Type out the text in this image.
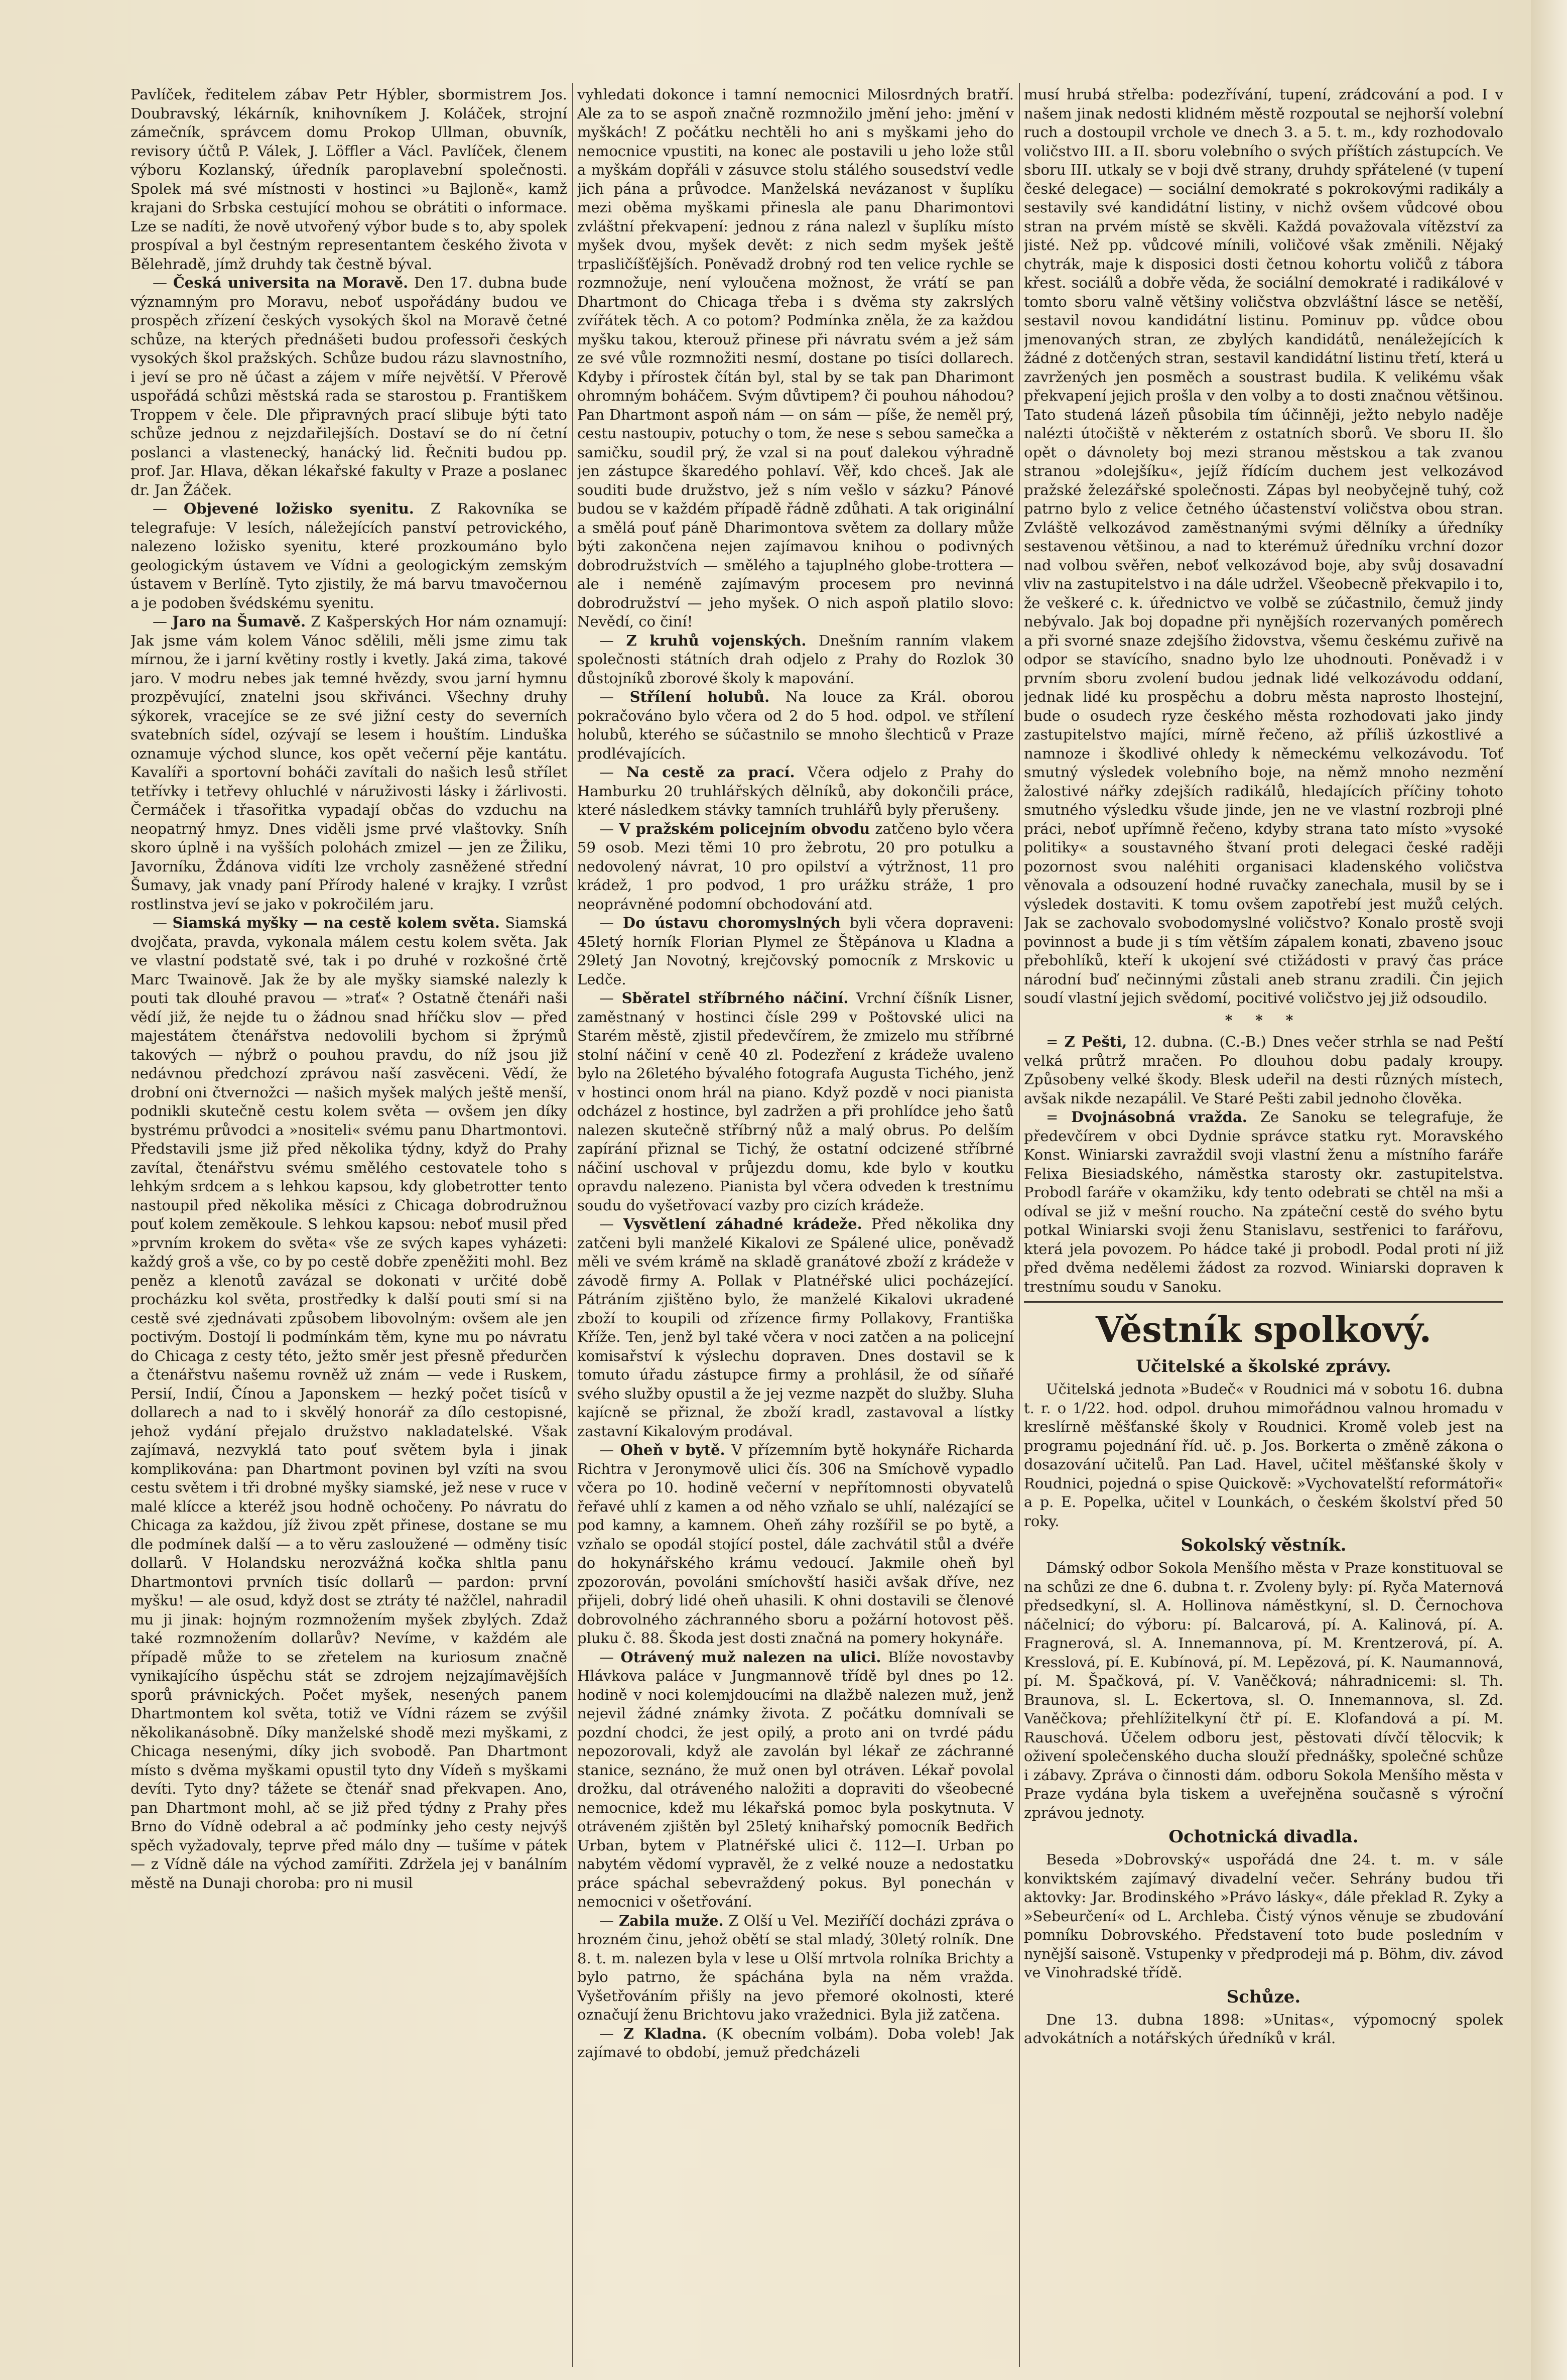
Pavlíček, ředitelem zábav Petr Hýbler, sbormistrem Jos. Doubravský, lékárník, knihovníkem J. Koláček, strojní zámečník, správcem domu Prokop Ullman, obuvník, revisory účtů P. Válek, J. Löffler a Václ. Pavlíček, členem výboru Kozlanský, úředník paroplavební společnosti. Spolek má své místnosti v hostinci »u Bajloně«, kamž krajani do Srbska cestující mohou se obrátiti o informace. Lze se nadíti, že nově utvořený výbor bude s to, aby spolek prospíval a byl čestným representantem českého života v Bělehradě, jímž druhdy tak čestně býval.

— Česká universita na Moravě. Den 17. dubna bude významným pro Moravu, neboť uspořádány budou ve prospěch zřízení českých vysokých škol na Moravě četné schůze, na kterých přednášeti budou professoři českých vysokých škol pražských. Schůze budou rázu slavnostního, i jeví se pro ně účast a zájem v míře největší. V Přerově uspořádá schůzi městská rada se starostou p. Františkem Troppem v čele. Dle připravných prací slibuje býti tato schůze jednou z nejzdařilejších. Dostaví se do ní četní poslanci a vlastenecký, hanácký lid. Řečniti budou pp. prof. Jar. Hlava, děkan lékařské fakulty v Praze a poslanec dr. Jan Žáček.

— Objevené ložisko syenitu. Z Rakovníka se telegrafuje: V lesích, náležejících panství petrovického, nalezeno ložisko syenitu, které prozkoumáno bylo geologickým ústavem ve Vídni a geologickým zemským ústavem v Berlíně. Tyto zjistily, že má barvu tmavočernou a je podoben švédskému syenitu.

— Jaro na Šumavě. Z Kašperských Hor nám oznamují: Jak jsme vám kolem Vánoc sdělili, měli jsme zimu tak mírnou, že i jarní květiny rostly i kvetly. Jaká zima, takové jaro. V modru nebes jak temné hvězdy, svou jarní hymnu prozpěvující, znatelni jsou skřivánci. Všechny druhy sýkorek, vracejíce se ze své jižní cesty do severních svatebních sídel, ozývají se lesem i houštím. Linduška oznamuje východ slunce, kos opět večerní pěje kantátu. Kavalíři a sportovní boháči zavítali do našich lesů střílet tetřívky i tetřevy ohluchlé v náruživosti lásky i žárlivosti. Čermáček i třasořitka vypadají občas do vzduchu na neopatrný hmyz. Dnes viděli jsme prvé vlaštovky. Sníh skoro úplně i na vyšších polohách zmizel — jen ze Žiliku, Javorníku, Ždánova vidíti lze vrcholy zasněžené střední Šumavy, jak vnady paní Přírody halené v krajky. I vzrůst rostlinstva jeví se jako v pokročilém jaru.

— Siamská myšky — na cestě kolem světa. Siamská dvojčata, pravda, vykonala málem cestu kolem světa. Jak ve vlastní podstatě své, tak i po druhé v rozkošné črtě Marc Twainově. Jak že by ale myšky siamské nalezly k pouti tak dlouhé pravou — »trať« ? Ostatně čtenáři naši vědí již, že nejde tu o žádnou snad hříčku slov — před majestátem čtenářstva nedovolili bychom si žprýmů takových — nýbrž o pouhou pravdu, do níž jsou již nedávnou předchozí zprávou naší zasvěceni. Vědí, že drobní oni čtvernožci — našich myšek malých ještě menší, podnikli skutečně cestu kolem světa — ovšem jen díky bystrému průvodci a »nositeli« svému panu Dhartmontovi. Představili jsme již před několika týdny, když do Prahy zavítal, čtenářstvu svému smělého cestovatele toho s lehkým srdcem a s lehkou kapsou, kdy globetrotter tento nastoupil před několika měsíci z Chicaga dobrodružnou pouť kolem zeměkoule. S lehkou kapsou: neboť musil před »prvním krokem do světa« vše ze svých kapes vyházeti: každý groš a vše, co by po cestě dobře zpeněžiti mohl. Bez peněz a klenotů zavázal se dokonati v určité době procházku kol světa, prostředky k další pouti smí si na cestě své zjednávati způsobem libovolným: ovšem ale jen poctivým. Dostojí li podmínkám těm, kyne mu po návratu do Chicaga z cesty této, ježto směr jest přesně předurčen a čtenářstvu našemu rovněž už znám — vede i Ruskem, Persií, Indií, Čínou a Japonskem — hezký počet tisíců v dollarech a nad to i skvělý honorář za dílo cestopisné, jehož vydání přejalo družstvo nakladatelské. Však zajímavá, nezvyklá tato pouť světem byla i jinak komplikována: pan Dhartmont povinen byl vzíti na svou cestu světem i tři drobné myšky siamské, jež nese v ruce v malé klícce a kteréž jsou hodně ochočeny. Po návratu do Chicaga za každou, jíž živou zpět přinese, dostane se mu dle podmínek další — a to věru zasloužené — odměny tisíc dollarů. V Holandsku nerozvážná kočka shltla panu Dhartmontovi prvních tisíc dollarů — pardon: první myšku! — ale osud, když dost se ztráty té nažčlel, nahradil mu ji jinak: hojným rozmnožením myšek zbylých. Zdaž také rozmnožením dollarův? Nevíme, v každém ale případě může to se zřetelem na kuriosum značně vynikajícího úspěchu stát se zdrojem nejzajímavějších sporů právnických. Počet myšek, nesených panem Dhartmontem kol světa, totiž ve Vídni rázem se zvýšil několikanásobně. Díky manželské shodě mezi myškami, z Chicaga nesenými, díky jich svobodě. Pan Dhartmont místo s dvěma myškami opustil tyto dny Vídeň s myškami devíti. Tyto dny? tážete se čtenář snad překvapen. Ano, pan Dhartmont mohl, ač se již před týdny z Prahy přes Brno do Vídně odebral a ač podmínky jeho cesty nejvýš spěch vyžadovaly, teprve před málo dny — tušíme v pátek — z Vídně dále na východ zamířiti. Zdržela jej v banálním městě na Dunaji choroba: pro ni musil

vyhledati dokonce i tamní nemocnici Milosrdných bratří. Ale za to se aspoň značně rozmnožilo jmění jeho: jmění v myškách! Z počátku nechtěli ho ani s myškami jeho do nemocnice vpustiti, na konec ale postavili u jeho lože stůl a myškám dopřáli v zásuvce stolu stálého sousedství vedle jich pána a průvodce. Manželská nevázanost v šuplíku mezi oběma myškami přinesla ale panu Dharimontovi zvláštní překvapení: jednou z rána nalezl v šuplíku místo myšek dvou, myšek devět: z nich sedm myšek ještě trpasličíšťějších. Poněvadž drobný rod ten velice rychle se rozmnožuje, není vyloučena možnost, že vrátí se pan Dhartmont do Chicaga třeba i s dvěma sty zakrslých zvířátek těch. A co potom? Podmínka zněla, že za každou myšku takou, kterouž přinese při návratu svém a jež sám ze své vůle rozmnožiti nesmí, dostane po tisíci dollarech. Kdyby i přírostek čítán byl, stal by se tak pan Dharimont ohromným boháčem. Svým důvtipem? či pouhou náhodou? Pan Dhartmont aspoň nám — on sám — píše, že neměl prý, cestu nastoupiv, potuchy o tom, že nese s sebou samečka a samičku, soudil prý, že vzal si na pouť dalekou výhradně jen zástupce škaredého pohlaví. Věř, kdo chceš. Jak ale souditi bude družstvo, jež s ním vešlo v sázku? Pánové budou se v každém případě řádně zdůhati. A tak originální a smělá pouť páně Dharimontova světem za dollary může býti zakončena nejen zajímavou knihou o podivných dobrodružstvích — smělého a tajuplného globe-trottera — ale i neméně zajímavým procesem pro nevinná dobrodružství — jeho myšek. O nich aspoň platilo slovo: Nevědí, co činí!

— Z kruhů vojenských. Dnešním ranním vlakem společnosti státních drah odjelo z Prahy do Rozlok 30 důstojníků zborové školy k mapování.

— Střílení holubů. Na louce za Král. oborou pokračováno bylo včera od 2 do 5 hod. odpol. ve střílení holubů, kterého se súčastnilo se mnoho šlechticů v Praze prodlévajících.

— Na cestě za prací. Včera odjelo z Prahy do Hamburku 20 truhlářských dělníků, aby dokončili práce, které následkem stávky tamních truhlářů byly přerušeny.

— V pražském policejním obvodu zatčeno bylo včera 59 osob. Mezi těmi 10 pro žebrotu, 20 pro potulku a nedovolený návrat, 10 pro opilství a výtržnost, 11 pro krádež, 1 pro podvod, 1 pro urážku stráže, 1 pro neoprávněné podomní obchodování atd.

— Do ústavu choromyslných byli včera dopraveni: 45letý horník Florian Plymel ze Štěpánova u Kladna a 29letý Jan Novotný, krejčovský pomocník z Mrskovic u Ledče.

— Sběratel stříbrného náčiní. Vrchní číšník Lisner, zaměstnaný v hostinci čísle 299 v Poštovské ulici na Starém městě, zjistil předevčírem, že zmizelo mu stříbrné stolní náčiní v ceně 40 zl. Podezření z krádeže uvaleno bylo na 26letého bývalého fotografa Augusta Tichého, jenž v hostinci onom hrál na piano. Když pozdě v noci pianista odcházel z hostince, byl zadržen a při prohlídce jeho šatů nalezen skutečně stříbrný nůž a malý obrus. Po delším zapírání přiznal se Tichý, že ostatní odcizené stříbrné náčiní uschoval v průjezdu domu, kde bylo v koutku opravdu nalezeno. Pianista byl včera odveden k trestnímu soudu do vyšetřovací vazby pro cizích krádeže.

— Vysvětlení záhadné krádeže. Před několika dny zatčeni byli manželé Kikalovi ze Spálené ulice, poněvadž měli ve svém krámě na skladě granátové zboží z krádeže v závodě firmy A. Pollak v Platnéřské ulici pocházející. Pátráním zjištěno bylo, že manželé Kikalovi ukradené zboží to koupili od zřízence firmy Pollakovy, Františka Kříže. Ten, jenž byl také včera v noci zatčen a na policejní komisařství k výslechu dopraven. Dnes dostavil se k tomuto úřadu zástupce firmy a prohlásil, že od síňařé svého služby opustil a že jej vezme nazpět do služby. Sluha kajícně se přiznal, že zboží kradl, zastavoval a lístky zastavní Kikalovým prodával.

— Oheň v bytě. V přízemním bytě hokynáře Richarda Richtra v Jeronymově ulici čís. 306 na Smíchově vypadlo včera po 10. hodině večerní v nepřítomnosti obyvatelů řeřavé uhlí z kamen a od něho vzňalo se uhlí, nalézající se pod kamny, a kamnem. Oheň záhy rozšířil se po bytě, a vzňalo se opodál stojící postel, dále zachvátil stůl a dvéře do hokynářského krámu vedoucí. Jakmile oheň byl zpozorován, povoláni smíchovští hasiči avšak dříve, nez přijeli, dobrý lidé oheň uhasili. K ohni dostavili se členové dobrovolného záchranného sboru a požární hotovost pěš. pluku č. 88. Škoda jest dosti značná na pomery hokynáře.

— Otrávený muž nalezen na ulici. Blíže novostavby Hlávkova paláce v Jungmannově třídě byl dnes po 12. hodině v noci kolemjdoucími na dlažbě nalezen muž, jenž nejevil žádné známky života. Z počátku domnívali se pozdní chodci, že jest opilý, a proto ani on tvrdé pádu nepozorovali, když ale zavolán byl lékař ze záchranné stanice, seznáno, že muž onen byl otráven. Lékař povolal drožku, dal otráveného naložiti a dopraviti do všeobecné nemocnice, kdež mu lékařská pomoc byla poskytnuta. V otráveném zjištěn byl 25letý knihařský pomocník Bedřich Urban, bytem v Platnéřské ulici č. 112—I. Urban po nabytém vědomí vypravěl, že z velké nouze a nedostatku práce spáchal sebevraždený pokus. Byl ponechán v nemocnici v ošetřování.

— Zabila muže. Z Olší u Vel. Meziříčí docházi zpráva o hrozném činu, jehož obětí se stal mladý, 30letý rolník. Dne 8. t. m. nalezen byla v lese u Olší mrtvola rolníka Brichty a bylo patrno, že spáchána byla na něm vražda. Vyšetřováním přišly na jevo přemoré okolnosti, které označují ženu Brichtovu jako vražednici. Byla již zatčena.

— Z Kladna. (K obecním volbám). Doba voleb! Jak zajímavé to období, jemuž předcházeli

musí hrubá střelba: podezřívání, tupení, zrádcování a pod. I v našem jinak nedosti klidném městě rozpoutal se nejhorší volební ruch a dostoupil vrchole ve dnech 3. a 5. t. m., kdy rozhodovalo voličstvo III. a II. sboru volebního o svých příštích zástupcích. Ve sboru III. utkaly se v boji dvě strany, druhdy spřátelené (v tupení české delegace) — sociální demokraté s pokrokovými radikály a sestavily své kandidátní listiny, v nichž ovšem vůdcové obou stran na prvém místě se skvěli. Každá považovala vítězství za jisté. Než pp. vůdcové mínili, voličové však změnili. Nějaký chytrák, maje k disposici dosti četnou kohortu voličů z tábora křest. sociálů a dobře věda, že sociální demokraté i radikálové v tomto sboru valně většiny voličstva obzvláštní lásce se netěší, sestavil novou kandidátní listinu. Pominuv pp. vůdce obou jmenovaných stran, ze zbylých kandidátů, nenáležejících k žádné z dotčených stran, sestavil kandidátní listinu třetí, která u zavržených jen posměch a soustrast budila. K velikému však překvapení jejich prošla v den volby a to dosti značnou většinou. Tato studená lázeň působila tím účinněji, ježto nebylo naděje nalézti útočiště v některém z ostatních sborů. Ve sboru II. šlo opět o dávnolety boj mezi stranou městskou a tak zvanou stranou »dolejšíku«, jejíž řídícím duchem jest velkozávod pražské železářské společnosti. Zápas byl neobyčejně tuhý, což patrno bylo z velice četného účastenství voličstva obou stran. Zvláště velkozávod zaměstnanými svými dělníky a úředníky sestavenou většinou, a nad to kterémuž úředníku vrchní dozor nad volbou svěřen, neboť velkozávod boje, aby svůj dosavadní vliv na zastupitelstvo i na dále udržel. Všeobecně překvapilo i to, že veškeré c. k. úřednictvo ve volbě se zúčastnilo, čemuž jindy nebývalo. Jak boj dopadne při nynějších rozervaných poměrech a při svorné snaze zdejšího židovstva, všemu českému zuřivě na odpor se stavícího, snadno bylo lze uhodnouti. Poněvadž i v prvním sboru zvolení budou jednak lidé velkozávodu oddaní, jednak lidé ku prospěchu a dobru města naprosto lhostejní, bude o osudech ryze českého města rozhodovati jako jindy zastupitelstvo majíci, mírně řečeno, až příliš úzkostlivé a namnoze i škodlivé ohledy k německému velkozávodu. Toť smutný výsledek volebního boje, na němž mnoho nezmění žalostivé nářky zdejších radikálů, hledajících příčiny tohoto smutného výsledku všude jinde, jen ne ve vlastní rozbroji plné práci, neboť upřímně řečeno, kdyby strana tato místo »vysoké politiky« a soustavného štvaní proti delegaci české raději pozornost svou naléhiti organisaci kladenského voličstva věnovala a odsouzení hodné ruvačky zanechala, musil by se i výsledek dostaviti. K tomu ovšem zapotřebí jest mužů celých. Jak se zachovalo svobodomyslné voličstvo? Konalo prostě svoji povinnost a bude ji s tím větším zápalem konati, zbaveno jsouc přebohlíků, kteří k ukojení své ctižádosti v pravý čas práce národní buď nečinnými zůstali aneb stranu zradili. Čin jejich soudí vlastní jejich svědomí, pocitivé voličstvo jej již odsoudilo.

* * *

= Z Pešti, 12. dubna. (C.-B.) Dnes večer strhla se nad Peští velká průtrž mračen. Po dlouhou dobu padaly kroupy. Způsobeny velké škody. Blesk udeřil na desti různých místech, avšak nikde nezapálil. Ve Staré Pešti zabil jednoho člověka.

= Dvojnásobná vražda. Ze Sanoku se telegrafuje, že předevčírem v obci Dydnie správce statku ryt. Moravského Konst. Winiarski zavraždil svoji vlastní ženu a místního faráře Felixa Biesiadského, náměstka starosty okr. zastupitelstva. Probodl faráře v okamžiku, kdy tento odebrati se chtěl na mši a odíval se již v mešní roucho. Na zpáteční cestě do svého bytu potkal Winiarski svoji ženu Stanislavu, sestřenici to farářovu, která jela povozem. Po hádce také ji probodl. Podal proti ní již před dvěma nedělemi žádost za rozvod. Winiarski dopraven k trestnímu soudu v Sanoku.

Věstník spolkový.
Učitelské a školské zprávy.

Učitelská jednota »Budeč« v Roudnici má v sobotu 16. dubna t. r. o 1/22. hod. odpol. druhou mimořádnou valnou hromadu v kreslírně měšťanské školy v Roudnici. Kromě voleb jest na programu pojednání říd. uč. p. Jos. Borkerta o změně zákona o dosazování učitelů. Pan Lad. Havel, učitel měšťanské školy v Roudnici, pojedná o spise Quickově: »Vychovatelští reformátoři« a p. E. Popelka, učitel v Lounkách, o českém školství před 50 roky.

Sokolský věstník.

Dámský odbor Sokola Menšího města v Praze konstituoval se na schůzi ze dne 6. dubna t. r. Zvoleny byly: pí. Ryča Maternová předsedkyní, sl. A. Hollinova náměstkyní, sl. D. Černochova náčelnicí; do výboru: pí. Balcarová, pí. A. Kalinová, pí. A. Fragnerová, sl. A. Innemannova, pí. M. Krentzerová, pí. A. Kresslová, pí. E. Kubínová, pí. M. Lepězová, pí. K. Naumannová, pí. M. Špačková, pí. V. Vaněčková; náhradnicemi: sl. Th. Braunova, sl. L. Eckertova, sl. O. Innemannova, sl. Zd. Vaněčkova; přehlížitelkyní čtř pí. E. Klofandová a pí. M. Rauschová. Účelem odboru jest, pěstovati dívčí tělocvik; k oživení společenského ducha slouží přednášky, společné schůze i zábavy. Zpráva o činnosti dám. odboru Sokola Menšího města v Praze vydána byla tiskem a uveřejněna současně s výroční zprávou jednoty.

Ochotnická divadla.

Beseda »Dobrovský« uspořádá dne 24. t. m. v sále konviktském zajímavý divadelní večer. Sehrány budou tři aktovky: Jar. Brodinského »Právo lásky«, dále překlad R. Zyky a »Sebeurčení« od L. Archleba. Čistý výnos věnuje se zbudování pomníku Dobrovského. Představení toto bude posledním v nynější saisoně. Vstupenky v předprodeji má p. Böhm, div. závod ve Vinohradské třídě.

Schůze.

Dne 13. dubna 1898: »Unitas«, výpomocný spolek advokátních a notářských úředníků v král.
